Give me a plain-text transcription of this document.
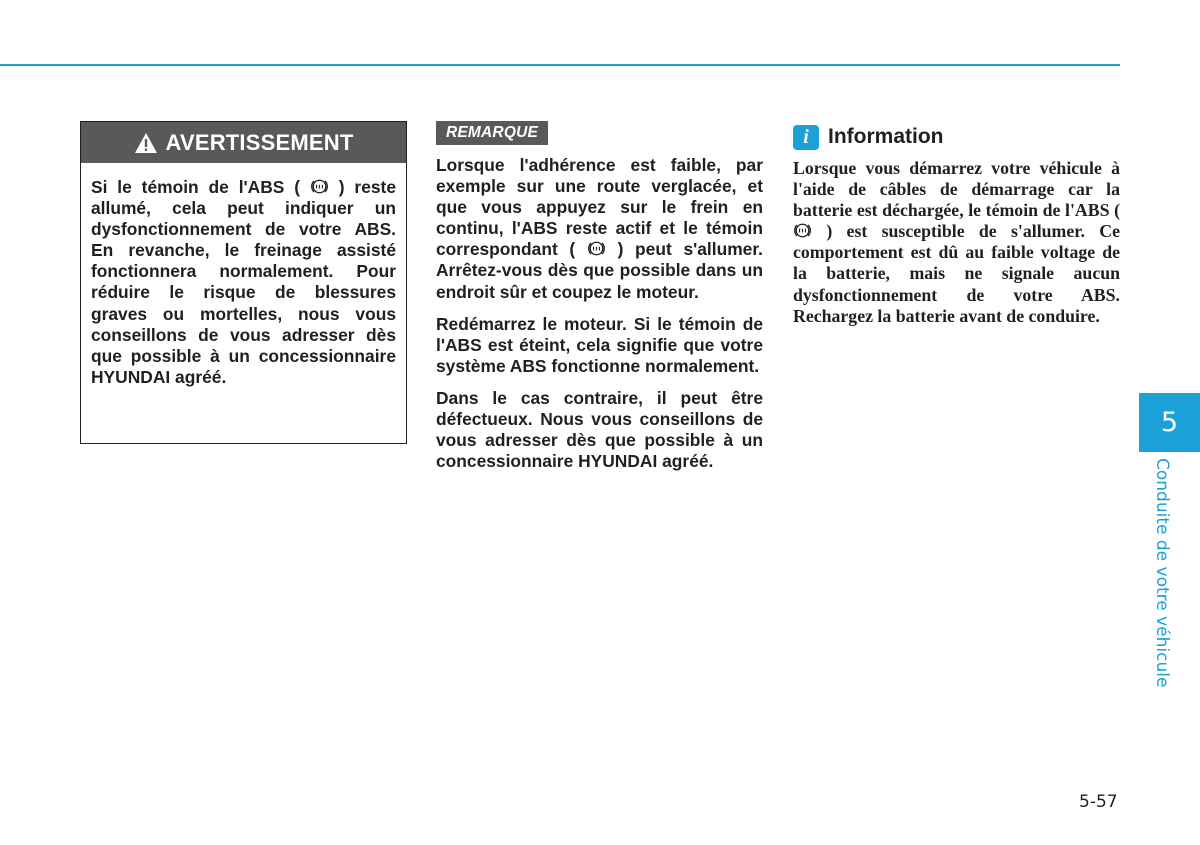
AVERTISSEMENT

Si le témoin de l'ABS (
) reste allumé, cela peut indiquer un dysfonctionnement de votre ABS. En revanche, le freinage assisté fonctionnera normalement. Pour réduire le risque de blessures graves ou mortelles, nous vous conseillons de vous adresser dès que possible à un concessionnaire HYUNDAI agréé.

REMARQUE

Lorsque l'adhérence est faible, par exemple sur une route verglacée, et que vous appuyez sur le frein en continu, l'ABS reste actif et le témoin correspondant (
) peut s'allumer. Arrêtez-vous dès que possible dans un endroit sûr et coupez le moteur.

Redémarrez le moteur. Si le témoin de l'ABS est éteint, cela signifie que votre système ABS fonctionne normalement.

Dans le cas contraire, il peut être défectueux. Nous vous conseillons de vous adresser dès que possible à un concessionnaire HYUNDAI agréé.

i Information

Lorsque vous démarrez votre véhicule à l'aide de câbles de démarrage car la batterie est déchargée, le témoin de l'ABS (
) est susceptible de s'allumer. Ce comportement est dû au faible voltage de la batterie, mais ne signale aucun dysfonctionnement de votre ABS. Rechargez la batterie avant de conduire.

5
Conduite de votre véhicule
5-57
